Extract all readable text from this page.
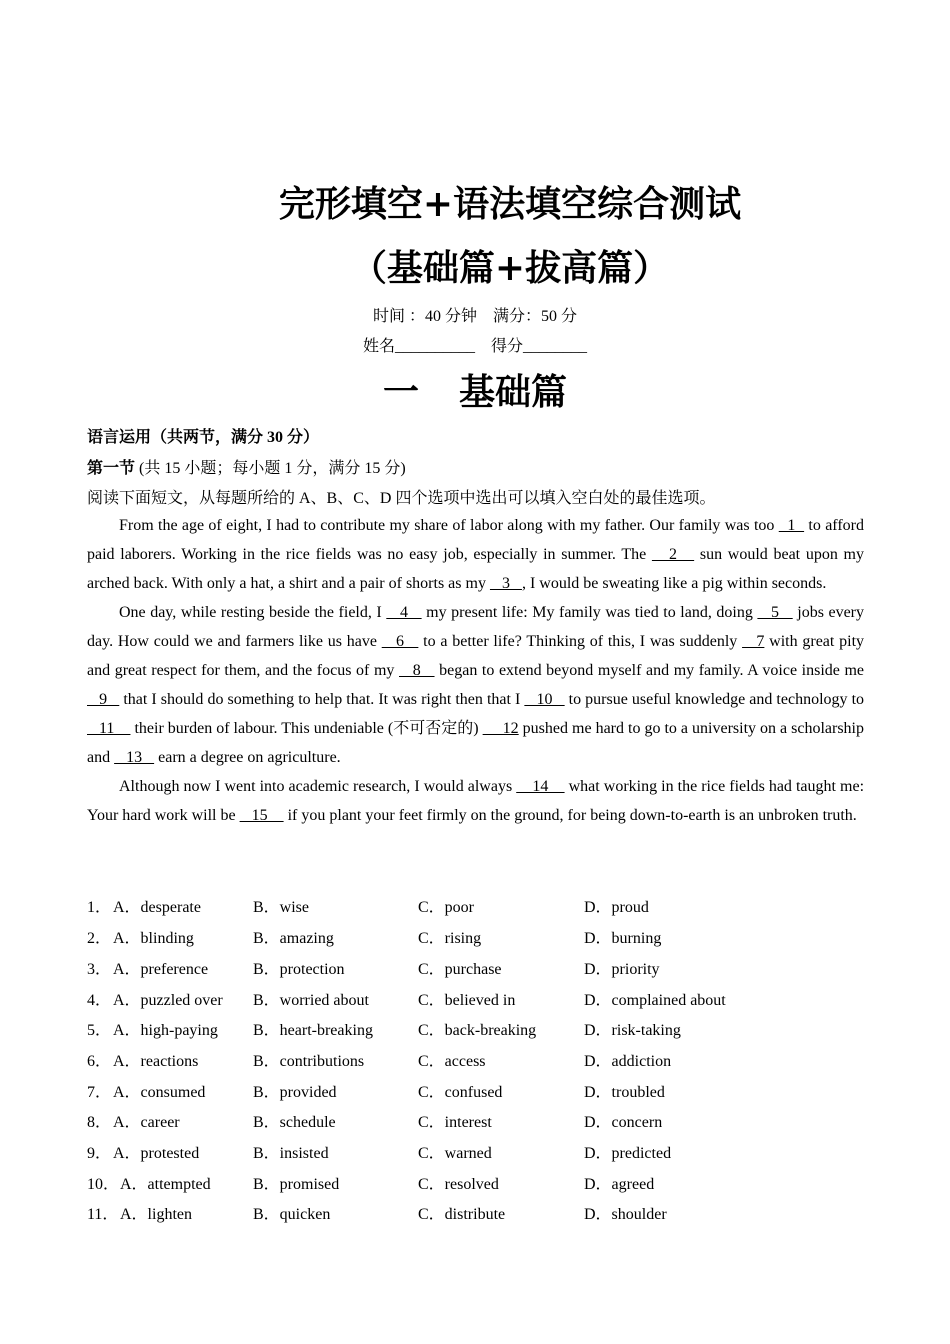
完形填空+语法填空综合测试
（基础篇+拔高篇）
时间 ：40 分钟　满分：50 分
姓名__________　得分________
一 基础篇
语言运用（共两节，满分 30 分）
第一节 (共 15 小题；每小题 1 分，满分 15 分)
阅读下面短文，从每题所给的 A、B、C、D 四个选项中选出可以填入空白处的最佳选项。

From the age of eight, I had to contribute my share of labor along with my father. Our family was too   1   to afford paid laborers. Working in the rice fields was no easy job, especially in summer. The    2    sun would beat upon my arched back. With only a hat, a shirt and a pair of shorts as my    3   , I would be sweating like a pig within seconds.

One day, while resting beside the field, I    4    my present life: My family was tied to land, doing    5    jobs every day. How could we and farmers like us have    6    to a better life? Thinking of this, I was suddenly    7 with great pity and great respect for them, and the focus of my    8    began to extend beyond myself and my family. A voice inside me    9    that I should do something to help that. It was right then that I    10    to pursue useful knowledge and technology to    11     their burden of labour. This undeniable (不可否定的)      12 pushed me hard to go to a university on a scholarship and    13    earn a degree on agriculture.

Although now I went into academic research, I would always     14     what working in the rice fields had taught me: Your hard work will be    15     if you plant your feet firmly on the ground, for being down-to-earth is an unbroken truth.

1． A．desperate	B．wise	C．poor	D．proud
2． A．blinding	B．amazing	C．rising	D．burning
3． A．preference	B．protection	C．purchase	D．priority
4． A．puzzled over B．worried about	C．believed in	D．complained about
5． A．high-paying B．heart-breaking	C．back-breaking	D．risk-taking
6． A．reactions	B．contributions	C．access	D．addiction
7． A．consumed	B．provided	C．confused	D．troubled
8． A．career	B．schedule	C．interest	D．concern
9． A．protested	B．insisted	C．warned	D．predicted
10． A．attempted	B．promised	C．resolved	D．agreed
11． A．lighten	B．quicken	C．distribute	D．shoulder
